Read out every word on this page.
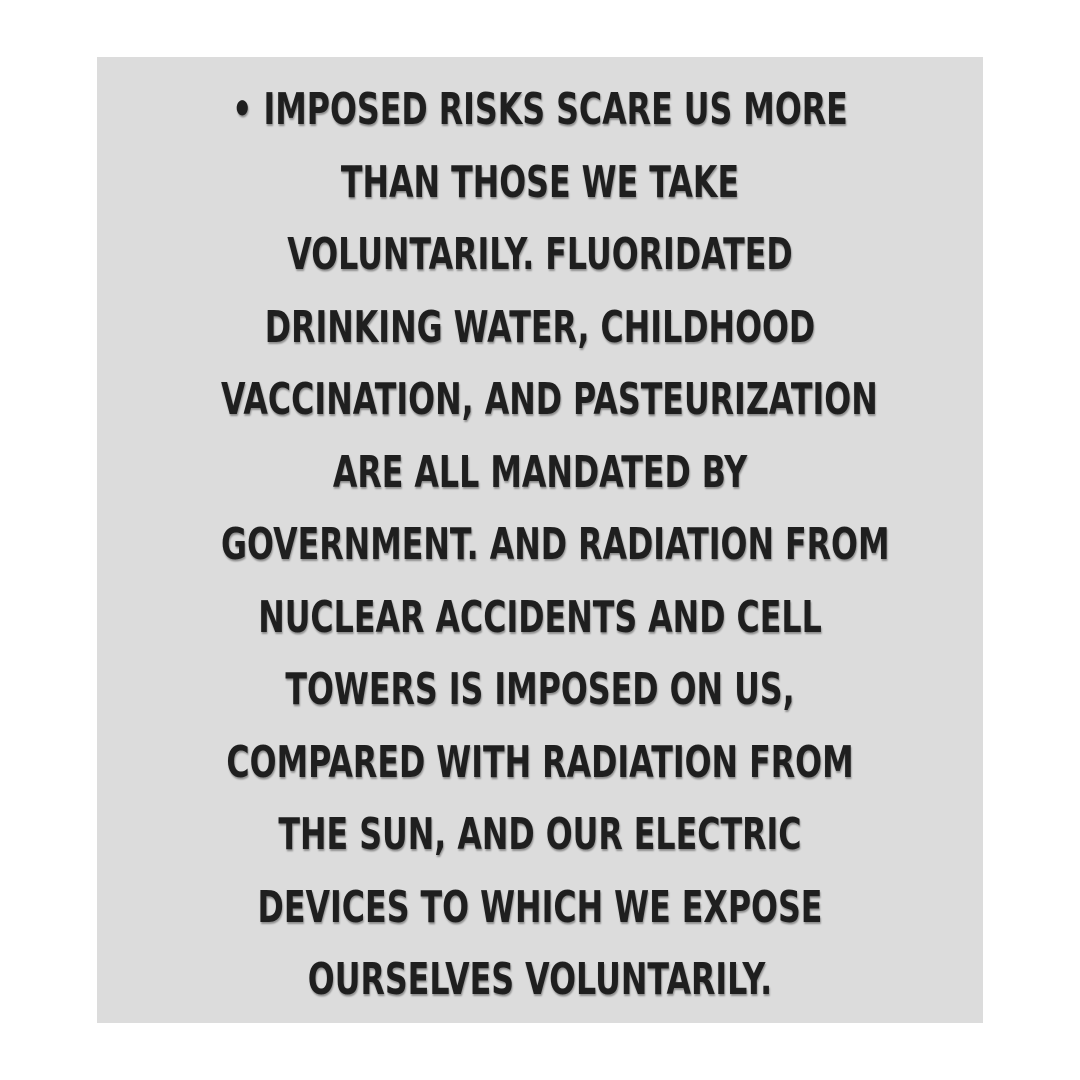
• IMPOSED RISKS SCARE US MORE
THAN THOSE WE TAKE
VOLUNTARILY. FLUORIDATED
DRINKING WATER, CHILDHOOD
VACCINATION, AND PASTEURIZATION
ARE ALL MANDATED BY
GOVERNMENT. AND RADIATION FROM
NUCLEAR ACCIDENTS AND CELL
TOWERS IS IMPOSED ON US,
COMPARED WITH RADIATION FROM
THE SUN, AND OUR ELECTRIC
DEVICES TO WHICH WE EXPOSE
OURSELVES VOLUNTARILY.
